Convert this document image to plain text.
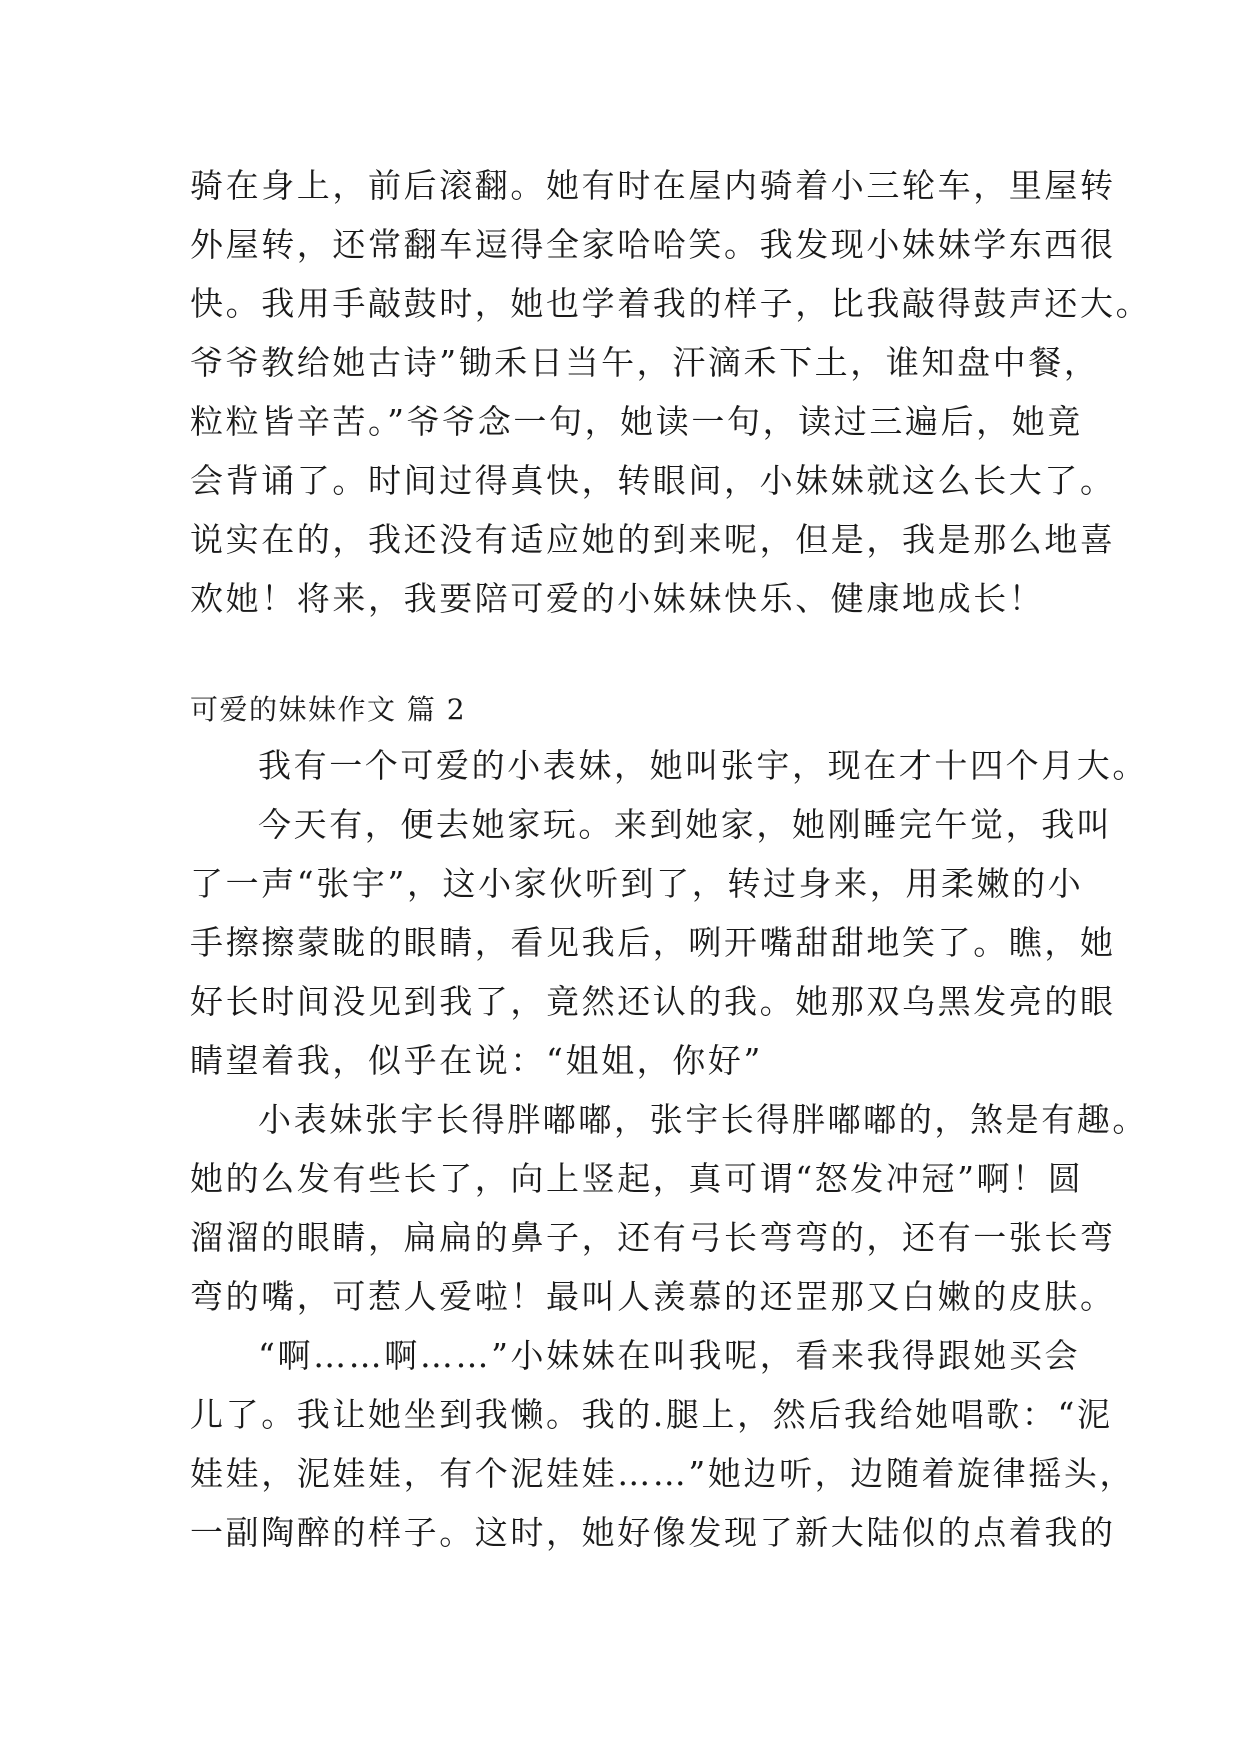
骑在身上，前后滚翻。她有时在屋内骑着小三轮车，里屋转
外屋转，还常翻车逗得全家哈哈笑。我发现小妹妹学东西很
快。我用手敲鼓时，她也学着我的样子，比我敲得鼓声还大。
爷爷教给她古诗”锄禾日当午，汗滴禾下土，谁知盘中餐，
粒粒皆辛苦。”爷爷念一句，她读一句，读过三遍后，她竟
会背诵了。时间过得真快，转眼间，小妹妹就这么长大了。
说实在的，我还没有适应她的到来呢，但是，我是那么地喜
欢她！将来，我要陪可爱的小妹妹快乐、健康地成长！
可爱的妹妹作文 篇 2
我有一个可爱的小表妹，她叫张宇，现在才十四个月大。
今天有，便去她家玩。来到她家，她刚睡完午觉，我叫
了一声“张宇”，这小家伙听到了，转过身来，用柔嫩的小
手擦擦蒙眬的眼睛，看见我后，咧开嘴甜甜地笑了。瞧，她
好长时间没见到我了，竟然还认的我。她那双乌黑发亮的眼
睛望着我，似乎在说：“姐姐，你好”
小表妹张宇长得胖嘟嘟，张宇长得胖嘟嘟的，煞是有趣。
她的么发有些长了，向上竖起，真可谓“怒发冲冠”啊！圆
溜溜的眼睛，扁扁的鼻子，还有弓长弯弯的，还有一张长弯
弯的嘴，可惹人爱啦！最叫人羡慕的还罡那又白嫩的皮肤。
“啊……啊……”小妹妹在叫我呢，看来我得跟她买会
儿了。我让她坐到我懒。我的.腿上，然后我给她唱歌：“泥
娃娃，泥娃娃，有个泥娃娃……”她边听，边随着旋律摇头，
一副陶醉的样子。这时，她好像发现了新大陆似的点着我的
